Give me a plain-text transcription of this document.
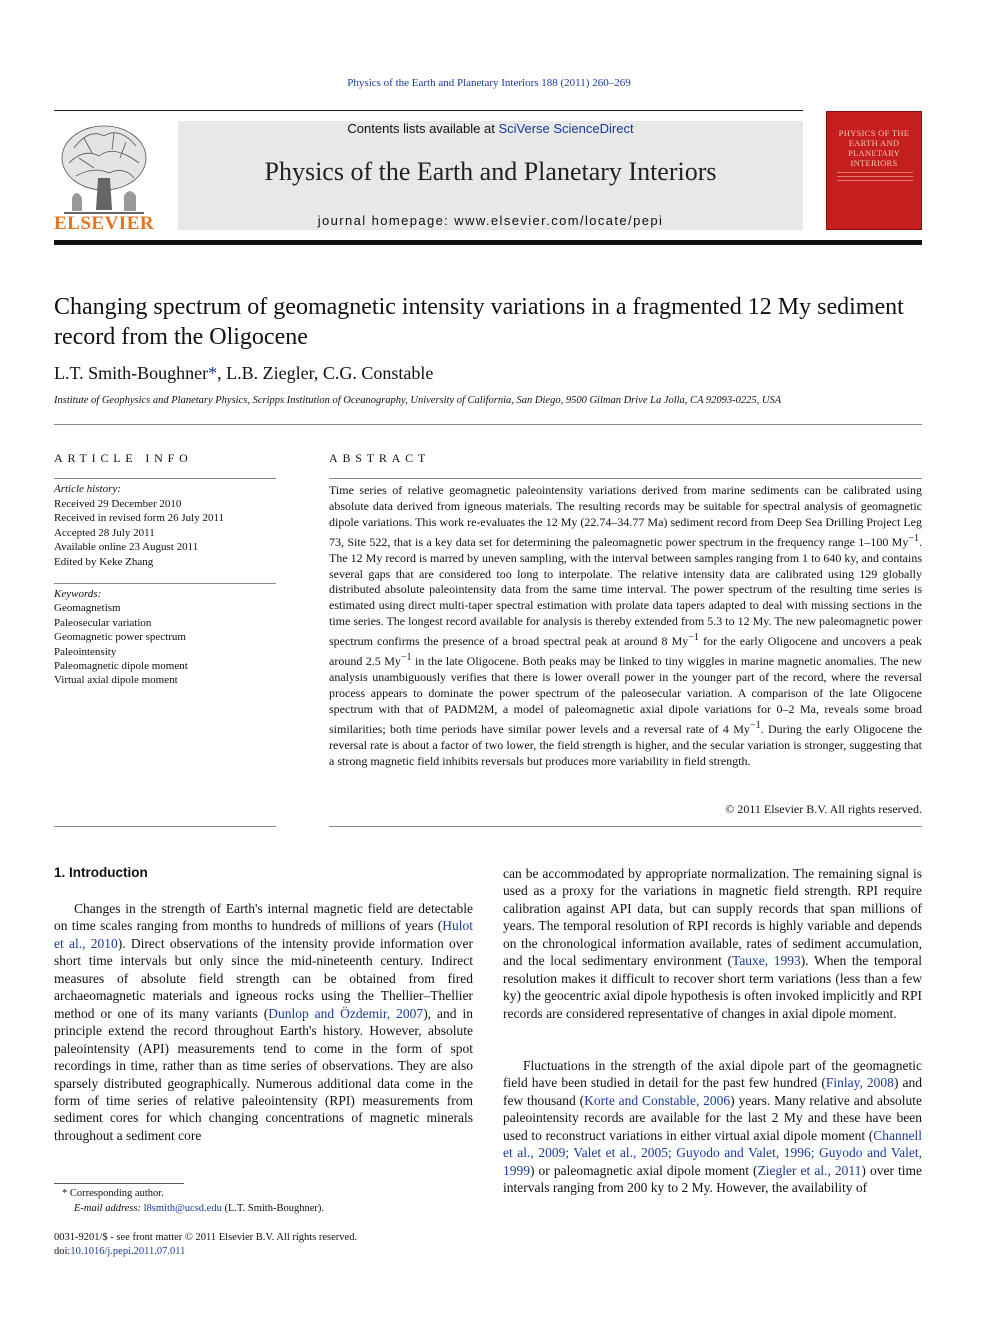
Physics of the Earth and Planetary Interiors 188 (2011) 260–269
ELSEVIER
Contents lists available at SciVerse ScienceDirect
Physics of the Earth and Planetary Interiors
journal homepage: www.elsevier.com/locate/pepi
PHYSICS OF THE EARTH AND PLANETARY INTERIORS
Changing spectrum of geomagnetic intensity variations in a fragmented 12 My sediment record from the Oligocene
L.T. Smith-Boughner*, L.B. Ziegler, C.G. Constable
Institute of Geophysics and Planetary Physics, Scripps Institution of Oceanography, University of California, San Diego, 9500 Gilman Drive La Jolla, CA 92093-0225, USA
ARTICLE INFO	ABSTRACT
Article history:
Received 29 December 2010
Received in revised form 26 July 2011
Accepted 28 July 2011
Available online 23 August 2011
Edited by Keke Zhang
Keywords:
Geomagnetism
Paleosecular variation
Geomagnetic power spectrum
Paleointensity
Paleomagnetic dipole moment
Virtual axial dipole moment
Time series of relative geomagnetic paleointensity variations derived from marine sediments can be calibrated using absolute data derived from igneous materials. The resulting records may be suitable for spectral analysis of geomagnetic dipole variations. This work re-evaluates the 12 My (22.74–34.77 Ma) sediment record from Deep Sea Drilling Project Leg 73, Site 522, that is a key data set for determining the paleomagnetic power spectrum in the frequency range 1–100 $My^{-1}$. The 12 My record is marred by uneven sampling, with the interval between samples ranging from 1 to 640 ky, and contains several gaps that are considered too long to interpolate. The relative intensity data are calibrated using 129 globally distributed absolute paleointensity data from the same time interval. The power spectrum of the resulting time series is estimated using direct multi-taper spectral estimation with prolate data tapers adapted to deal with missing sections in the time series. The longest record available for analysis is thereby extended from 5.3 to 12 My. The new paleomagnetic power spectrum confirms the presence of a broad spectral peak at around 8 $My^{-1}$ for the early Oligocene and uncovers a peak around 2.5 $My^{-1}$ in the late Oligocene. Both peaks may be linked to tiny wiggles in marine magnetic anomalies. The new analysis unambiguously verifies that there is lower overall power in the younger part of the record, where the reversal process appears to dominate the power spectrum of the paleosecular variation. A comparison of the late Oligocene spectrum with that of PADM2M, a model of paleomagnetic axial dipole variations for 0–2 Ma, reveals some broad similarities; both time periods have similar power levels and a reversal rate of 4 $My^{-1}$. During the early Oligocene the reversal rate is about a factor of two lower, the field strength is higher, and the secular variation is stronger, suggesting that a strong magnetic field inhibits reversals but produces more variability in field strength.
© 2011 Elsevier B.V. All rights reserved.
1. Introduction
Changes in the strength of Earth's internal magnetic field are detectable on time scales ranging from months to hundreds of millions of years (Hulot et al., 2010). Direct observations of the intensity provide information over short time intervals but only since the mid-nineteenth century. Indirect measures of absolute field strength can be obtained from fired archaeomagnetic materials and igneous rocks using the Thellier–Thellier method or one of its many variants (Dunlop and Özdemir, 2007), and in principle extend the record throughout Earth's history. However, absolute paleointensity (API) measurements tend to come in the form of spot recordings in time, rather than as time series of observations. They are also sparsely distributed geographically. Numerous additional data come in the form of time series of relative paleointensity (RPI) measurements from sediment cores for which changing concentrations of magnetic minerals throughout a sediment core
can be accommodated by appropriate normalization. The remaining signal is used as a proxy for the variations in magnetic field strength. RPI require calibration against API data, but can supply records that span millions of years. The temporal resolution of RPI records is highly variable and depends on the chronological information available, rates of sediment accumulation, and the local sedimentary environment (Tauxe, 1993). When the temporal resolution makes it difficult to recover short term variations (less than a few ky) the geocentric axial dipole hypothesis is often invoked implicitly and RPI records are considered representative of changes in axial dipole moment.
Fluctuations in the strength of the axial dipole part of the geomagnetic field have been studied in detail for the past few hundred (Finlay, 2008) and few thousand (Korte and Constable, 2006) years. Many relative and absolute paleointensity records are available for the last 2 My and these have been used to reconstruct variations in either virtual axial dipole moment (Channell et al., 2009; Valet et al., 2005; Guyodo and Valet, 1996; Guyodo and Valet, 1999) or paleomagnetic axial dipole moment (Ziegler et al., 2011) over time intervals ranging from 200 ky to 2 My. However, the availability of
* Corresponding author.
E-mail address: l8smith@ucsd.edu (L.T. Smith-Boughner).
0031-9201/$ - see front matter © 2011 Elsevier B.V. All rights reserved.
doi:10.1016/j.pepi.2011.07.011
